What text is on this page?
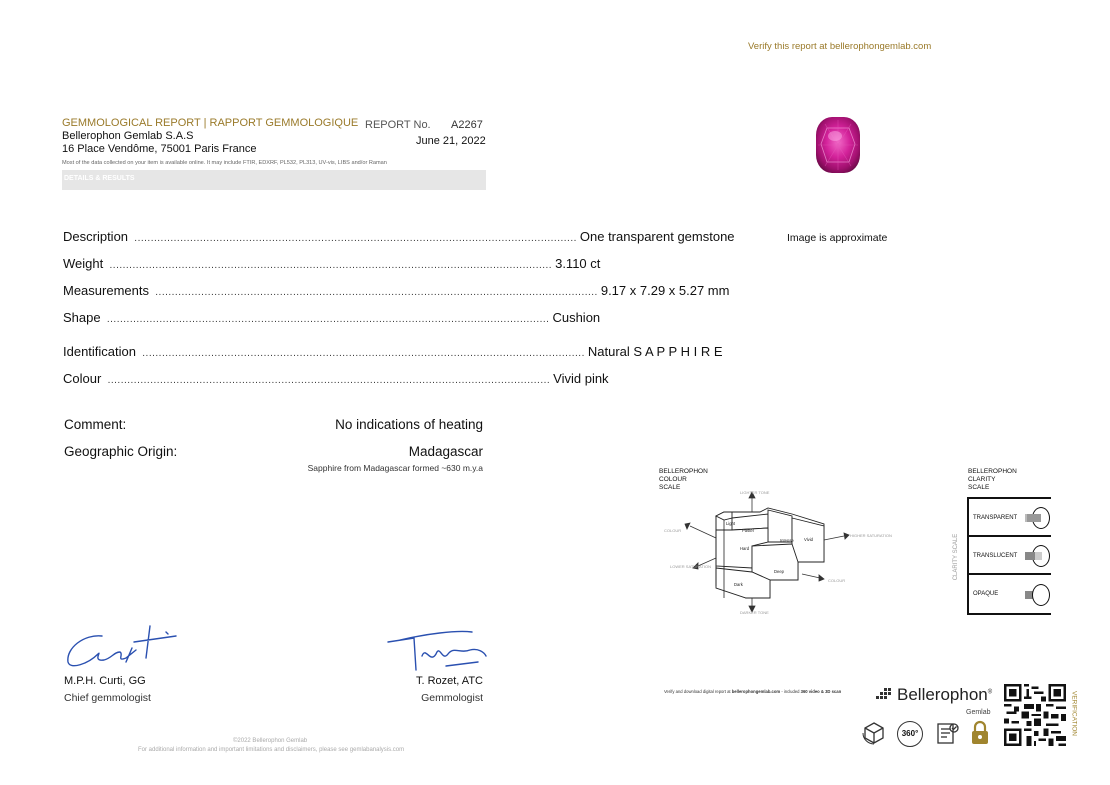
Verify this report at bellerophongemlab.com
GEMMOLOGICAL REPORT | RAPPORT GEMMOLOGIQUE REPORT No. A2267
Bellerophon Gemlab S.A.S
16 Place Vendôme, 75001 Paris France
June 21, 2022
Most of the data collected on your item is available online. It may include FTIR, EDXRF, PL532, PL313, UV-vis, LIBS and/or Raman
DETAILS & RESULTS
Description ....................................................................................................................................... One transparent gemstone
Weight ....................................................................................................................................... 3.110 ct
Measurements ....................................................................................................................................... 9.17 x 7.29 x 5.27 mm
Shape ....................................................................................................................................... Cushion
Identification ....................................................................................................................................... Natural S A P P H I R E
Colour ....................................................................................................................................... Vivid pink
Comment:	No indications of heating
Geographic Origin:	Madagascar
Sapphire from Madagascar formed ~630 m.y.a
M.P.H. Curti, GG
Chief gemmologist
T. Rozet, ATC
Gemmologist
©2022 Bellerophon Gemlab
For additional information and important limitations and disclaimers, please see gemlabanalysis.com
Image is approximate
BELLEROPHON
COLOUR
SCALE
LIGHTER TONE
DARKER TONE
COLOUR
COLOUR
HIGHER SATURATION
LOWER SATURATION
Light
Pastel
Intense Vivid
Hard
Deep
Dark
BELLEROPHON
CLARITY
SCALE
CLARITY SCALE
TRANSPARENT
TRANSLUCENT
OPAQUE
Verify and download digital report at bellerophongemlab.com - included 360 video & 3D scan	Bellerophon®
Gemlab
360°	VERIFICATION
